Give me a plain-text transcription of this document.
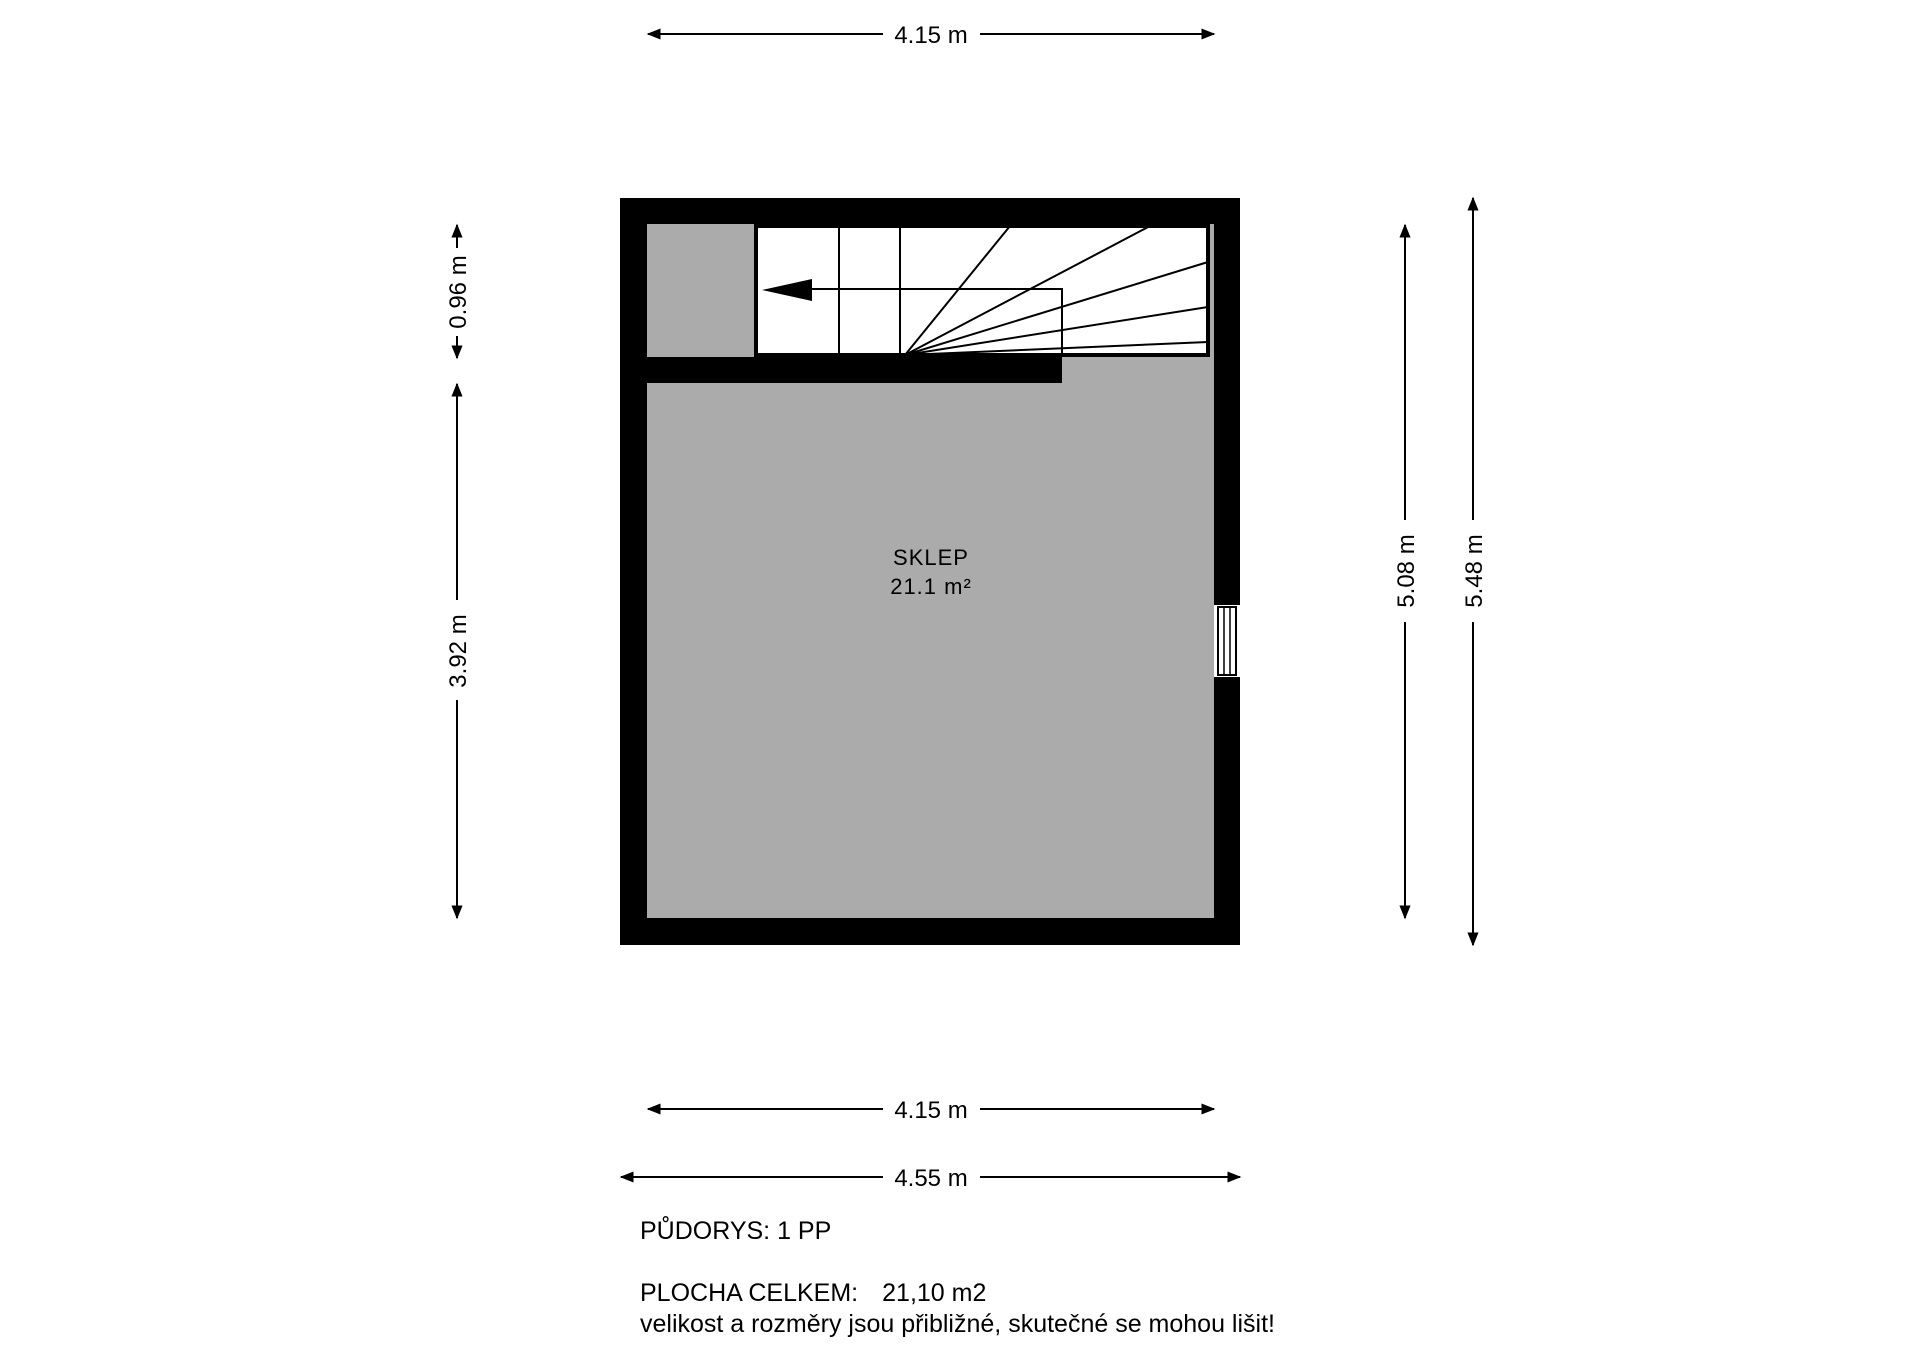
SKLEP
21.1 m²
4.15 m
4.15 m
4.55 m
0.96 m
3.92 m
5.08 m 5.48 m
PŮDORYS: 1 PP
PLOCHA CELKEM: 21,10 m2
velikost a rozměry jsou přibližné, skutečné se mohou lišit!
